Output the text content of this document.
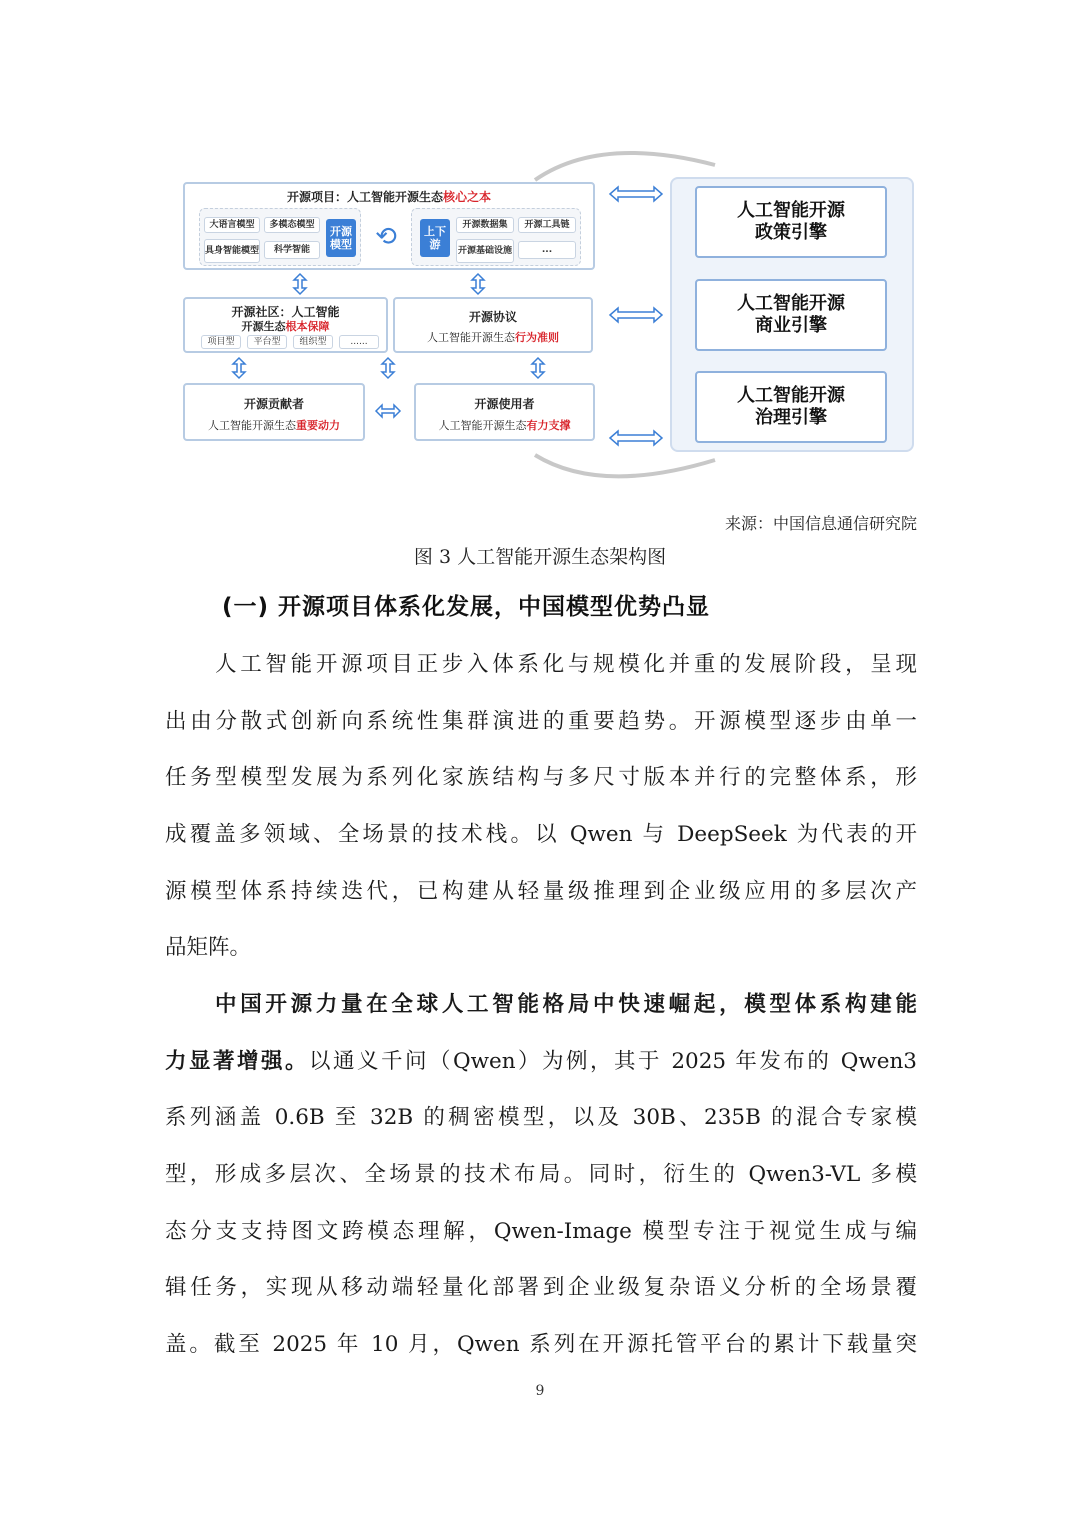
开源项目：人工智能开源生态核心之本
大语言模型	多模态模型
具身智能模型	科学智能
开源模型 ⟲	上下游
开源数据集	开源工具链
开源基础设施	...
开源社区：人工智能
开源生态根本保障
项目型	平台型	组织型	......
开源协议
人工智能开源生态行为准则
开源贡献者
人工智能开源生态重要动力
开源使用者
人工智能开源生态有力支撑
人工智能开源
政策引擎
人工智能开源
商业引擎
人工智能开源
治理引擎
来源：中国信息通信研究院
图 3 人工智能开源生态架构图
(一) 开源项目体系化发展，中国模型优势凸显
人工智能开源项目正步入体系化与规模化并重的发展阶段，呈现
出由分散式创新向系统性集群演进的重要趋势。开源模型逐步由单一
任务型模型发展为系列化家族结构与多尺寸版本并行的完整体系，形
成覆盖多领域、全场景的技术栈。以 Qwen 与 DeepSeek 为代表的开
源模型体系持续迭代，已构建从轻量级推理到企业级应用的多层次产
品矩阵。
中国开源力量在全球人工智能格局中快速崛起，模型体系构建能
力显著增强。以通义千问（Qwen）为例，其于 2025 年发布的 Qwen3
系列涵盖 0.6B 至 32B 的稠密模型，以及 30B、235B 的混合专家模
型，形成多层次、全场景的技术布局。同时，衍生的 Qwen3-VL 多模
态分支支持图文跨模态理解，Qwen-Image 模型专注于视觉生成与编
辑任务，实现从移动端轻量化部署到企业级复杂语义分析的全场景覆
盖。截至 2025 年 10 月，Qwen 系列在开源托管平台的累计下载量突
9
